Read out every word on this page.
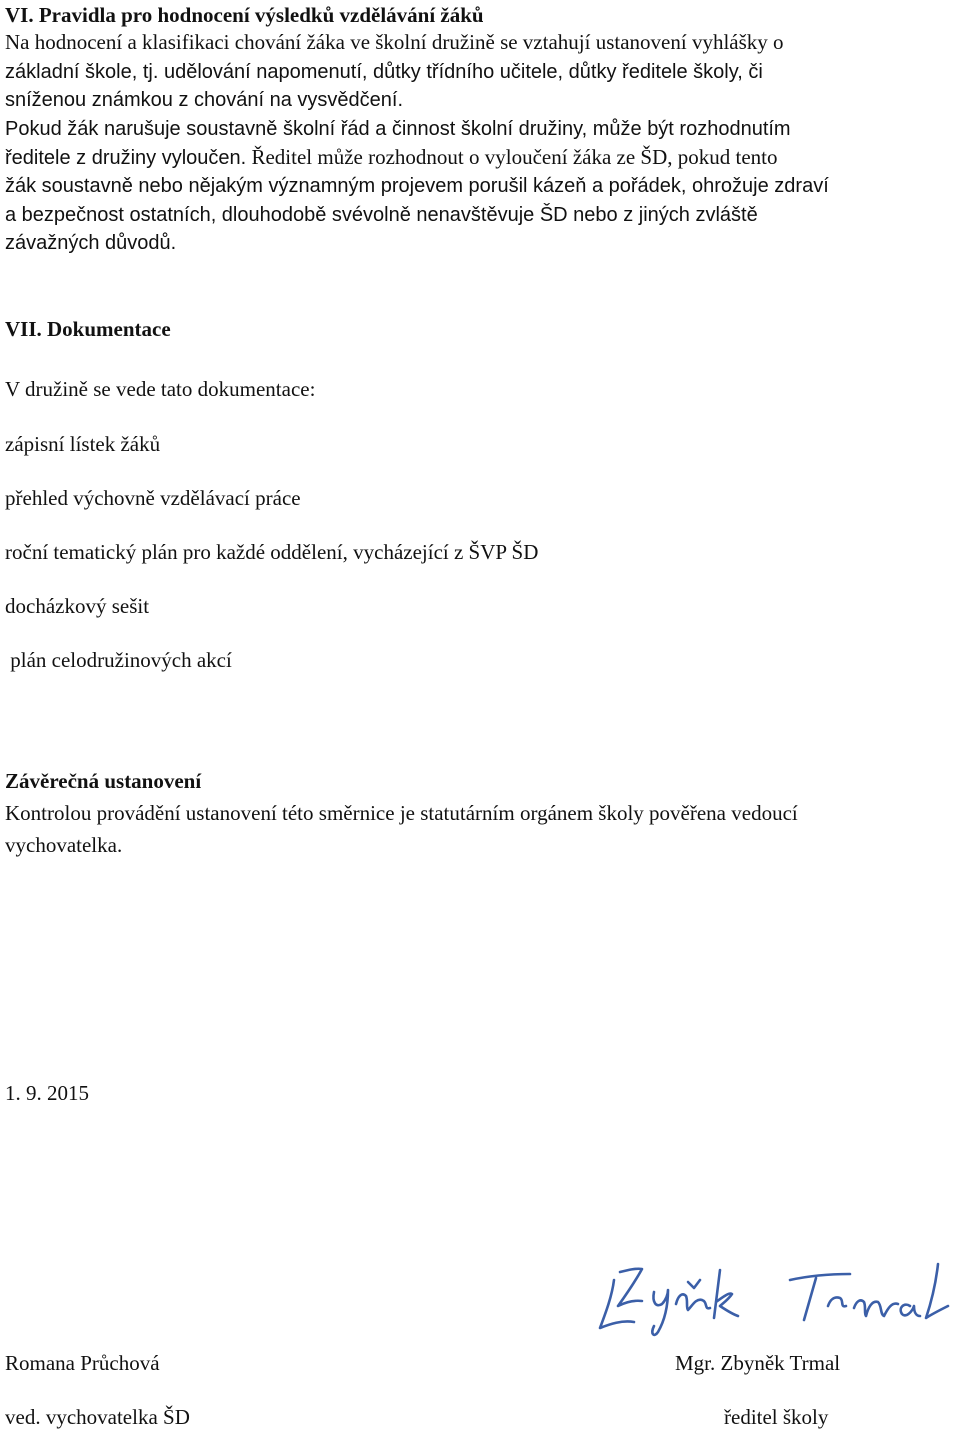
VI. Pravidla pro hodnocení výsledků vzdělávání žáků
Na hodnocení a klasifikaci chování žáka ve školní družině se vztahují ustanovení vyhlášky o
základní škole, tj. udělování napomenutí, důtky třídního učitele, důtky ředitele školy, či
sníženou známkou z chování na vysvědčení.
Pokud žák narušuje soustavně školní řád a činnost školní družiny, může být rozhodnutím
ředitele z družiny vyloučen. Ředitel může rozhodnout o vyloučení žáka ze ŠD, pokud tento
žák soustavně nebo nějakým významným projevem porušil kázeň a pořádek, ohrožuje zdraví
a bezpečnost ostatních, dlouhodobě svévolně nenavštěvuje ŠD nebo z jiných zvláště
závažných důvodů.
VII. Dokumentace
V družině se vede tato dokumentace:
zápisní lístek žáků
přehled výchovně vzdělávací práce
roční tematický plán pro každé oddělení, vycházející z ŠVP ŠD
docházkový sešit
plán celodružinových akcí
Závěrečná ustanovení
Kontrolou provádění ustanovení této směrnice je statutárním orgánem školy pověřena vedoucí
vychovatelka.
1. 9. 2015
Romana Průchová
ved. vychovatelka ŠD
Mgr. Zbyněk Trmal
ředitel školy
